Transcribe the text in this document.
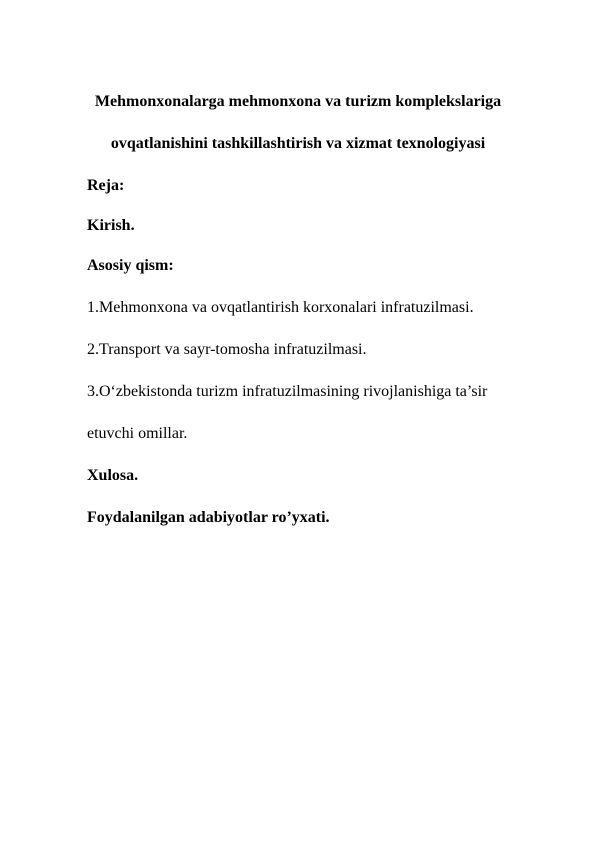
Mehmonxonalarga mehmonxona va turizm komplekslariga
ovqatlanishini tashkillashtirish va xizmat texnologiyasi
Reja:
Kirish.
Asosiy qism:
1.Mehmonxona va ovqatlantirish korxonalari infratuzilmasi.
2.Transport va sayr-tomosha infratuzilmasi.
3.O‘zbekistonda turizm infratuzilmasining rivojlanishiga ta’sir
etuvchi omillar.
Xulosa.
Foydalanilgan adabiyotlar ro’yxati.
